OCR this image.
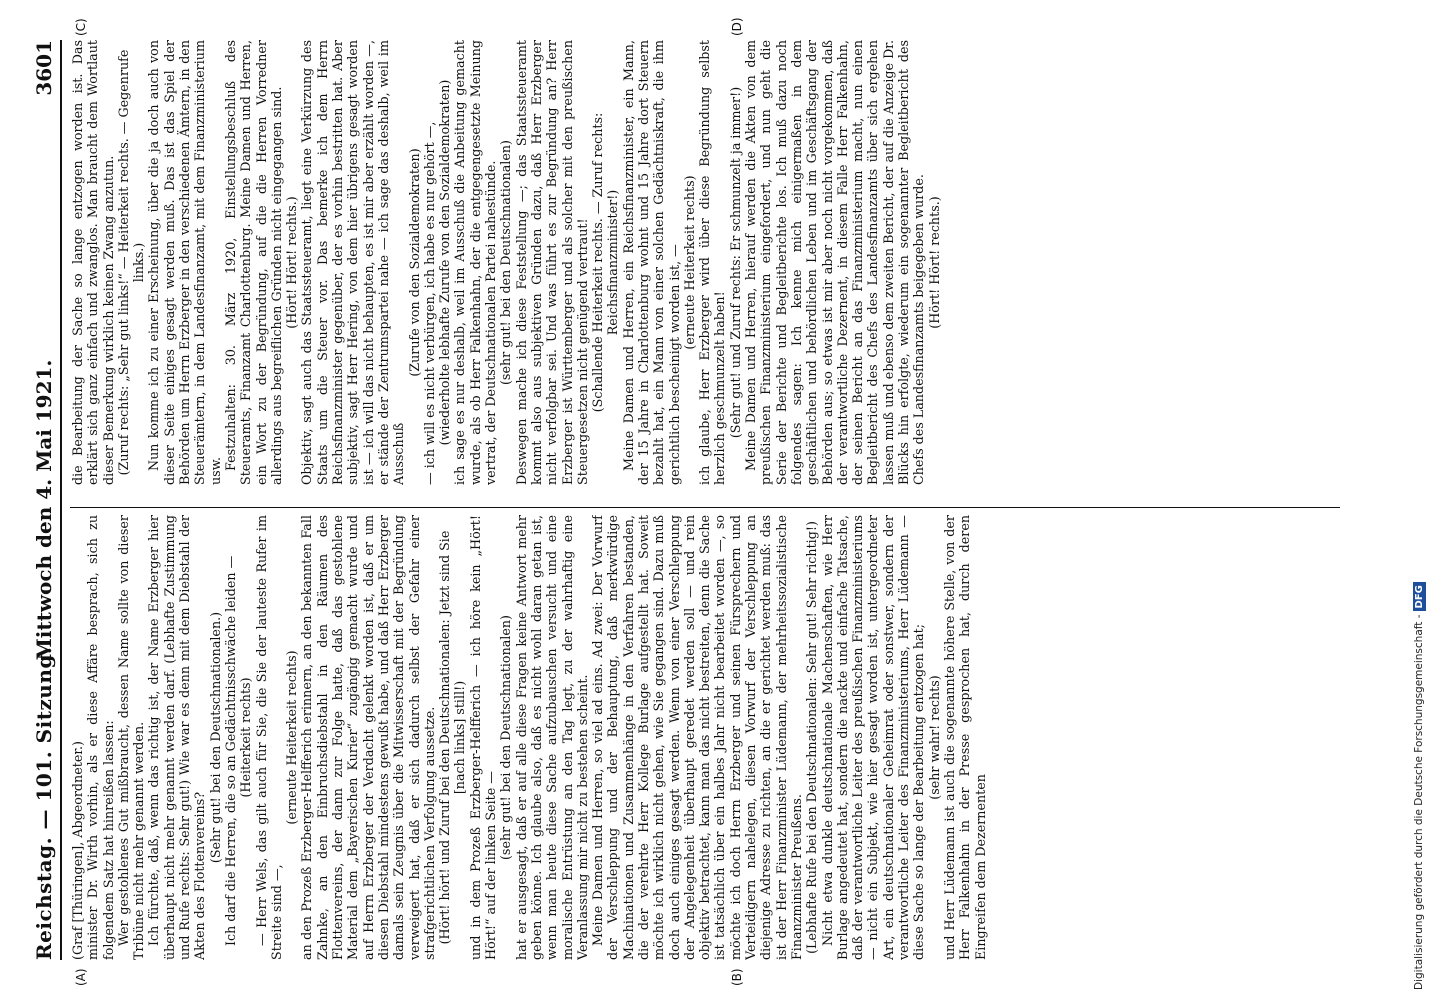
Reichstag. — 101. Sitzung.
Mittwoch den 4. Mai 1921.  3601

(Graf [Thüringen], Abgeordneter.) minister Dr. Wirth vorhin, als er diese Affäre besprach, sich zu folgendem Satz hat hinreißen lassen: Wer gestohlenes Gut mißbraucht, dessen Name sollte von dieser Tribüne nicht mehr genannt werden. Ich fürchte, daß, wenn das richtig ist, der Name Erzberger hier überhaupt nicht mehr genannt werden darf. (Lebhafte Zustimmung und Rufe rechts: Sehr gut!) Wie war es denn mit dem Diebstahl der Akten des Flottenvereins?

(Sehr gut! bei den Deutschnationalen.) Ich darf die Herren, die so an Gedächtnisschwäche leiden — (Heiterkeit rechts) — Herr Wels, das gilt auch für Sie, die Sie der lauteste Rufer im Streite sind —,

(erneute Heiterkeit rechts) an den Prozeß Erzberger-Helfferich erinnern, an den bekannten Fall Zahnke, an den Einbruchsdiebstahl in den Räumen des Flottenvereins, der dann zur Folge hatte, daß das gestohlene Material dem „Bayerischen Kurier“ zugängig gemacht wurde und auf Herrn Erzberger der Verdacht gelenkt worden ist, daß er um diesen Diebstahl mindestens gewußt habe, und daß Herr Erzberger damals sein Zeugnis über die Mitwisserschaft mit der Begründung verweigert hat, daß er sich dadurch selbst der Gefahr einer strafgerichtlichen Verfolgung aussetze. (Hört! hört! und Zuruf bei den Deutschnationalen: Jetzt sind Sie [nach links] still!) und in dem Prozeß Erzberger-Helfferich — ich höre kein „Hört! Hört!“ auf der linken Seite —

(sehr gut! bei den Deutschnationalen) hat er ausgesagt, daß er auf alle diese Fragen keine Antwort mehr geben könne. Ich glaube also, daß es nicht wohl daran getan ist, wenn man heute diese Sache aufzubauschen versucht und eine moralische Entrüstung an den Tag legt, zu der wahrhaftig eine Veranlassung mir nicht zu bestehen scheint. Meine Damen und Herren, so viel ad eins. Ad zwei: Der Vorwurf der Verschleppung und der Behauptung, daß merkwürdige Machinationen und Zusammenhänge in den Verfahren bestanden, die der verehrte Herr Kollege Burlage aufgestellt hat. Soweit möchte ich wirklich nicht gehen, wie Sie gegangen sind. Dazu muß doch auch einiges gesagt werden. Wenn von einer Verschleppung der Angelegenheit überhaupt geredet werden soll — und rein objektiv betrachtet, kann man das nicht bestreiten, denn die Sache ist tatsächlich über ein halbes Jahr nicht bearbeitet worden —, so möchte ich doch Herrn Erzberger und seinen Fürsprechern und Verteidigern nahelegen, diesen Vorwurf der Verschleppung an diejenige Adresse zu richten, an die er gerichtet werden muß: das ist der Herr Finanzminister Lüdemann, der mehrheitssozialistische Finanzminister Preußens. (Lebhafte Rufe bei den Deutschnationalen: Sehr gut! Sehr richtig!) Nicht etwa dunkle deutschnationale Machenschaften, wie Herr Burlage angedeutet hat, sondern die nackte und einfache Tatsache, daß der verantwortliche Leiter des preußischen Finanzministeriums — nicht ein Subjekt, wie hier gesagt worden ist, untergeordneter Art, ein deutschnationaler Geheimrat oder sonstwer, sondern der verantwortliche Leiter des Finanzministeriums, Herr Lüdemann — diese Sache so lange der Bearbeitung entzogen hat; (sehr wahr! rechts) und Herr Lüdemann ist auch die sogenannte höhere Stelle, von der Herr Falkenhahn in der Presse gesprochen hat, durch deren Eingreifen dem Dezernenten

die Bearbeitung der Sache so lange entzogen worden ist. Das erklärt sich ganz einfach und zwanglos. Man braucht dem Wortlaut dieser Bemerkung wirklich keinen Zwang anzutun. (Zuruf rechts: „Sehr gut links!“ — Heiterkeit rechts. — Gegenrufe links.) Nun komme ich zu einer Erscheinung, über die ja doch auch von dieser Seite einiges gesagt werden muß. Das ist das Spiel der Behörden um Herrn Erzberger in den verschiedenen Ämtern, in den Steuerämtern, in dem Landesfinanzamt, mit dem Finanzministerium usw. Festzuhalten: 30. März 1920, Einstellungsbeschluß des Steueramts, Finanzamt Charlottenburg. Meine Damen und Herren, ein Wort zu der Begründung, auf die die Herren Vorredner allerdings aus begreiflichen Gründen nicht eingegangen sind. (Hört! Hört! rechts.) Objektiv, sagt auch das Staatssteueramt, liegt eine Verkürzung des Staats um die Steuer vor. Das bemerke ich dem Herrn Reichsfinanzminister gegenüber, der es vorhin bestritten hat. Aber subjektiv, sagt Herr Hering, von dem hier übrigens gesagt worden ist — ich will das nicht behaupten, es ist mir aber erzählt worden —, er stände der Zentrumspartei nahe — ich sage das deshalb, weil im Ausschuß

(Zurufe von den Sozialdemokraten) — ich will es nicht verbürgen, ich habe es nur gehört —, (wiederholte lebhafte Zurufe von den Sozialdemokraten) ich sage es nur deshalb, weil im Ausschuß die Anbeitung gemacht wurde, als ob Herr Falkenhahn, der die entgegengesetzte Meinung vertrat, der Deutschnationalen Partei nahestünde. (sehr gut! bei den Deutschnationalen) Deswegen mache ich diese Feststellung —; das Staatssteueramt kommt also aus subjektiven Gründen dazu, daß Herr Erzberger nicht verfolgbar sei. Und was führt es zur Begründung an? Herr Erzberger ist Württemberger und als solcher mit den preußischen Steuergesetzen nicht genügend vertraut! (Schallende Heiterkeit rechts. — Zuruf rechts: Reichsfinanzminister!) Meine Damen und Herren, ein Reichsfinanzminister, ein Mann, der 15 Jahre in Charlottenburg wohnt und 15 Jahre dort Steuern bezahlt hat, ein Mann von einer solchen Gedächtniskraft, die ihm gerichtlich bescheinigt worden ist, — (erneute Heiterkeit rechts) ich glaube, Herr Erzberger wird über diese Begründung selbst herzlich geschmunzelt haben! (Sehr gut! und Zuruf rechts: Er schmunzelt ja immer!) Meine Damen und Herren, hierauf werden die Akten von dem preußischen Finanzministerium eingefordert, und nun geht die Serie der Berichte und Begleitberichte los. Ich muß dazu noch folgendes sagen: Ich kenne mich einigermaßen in dem geschäftlichen und behördlichen Leben und im Geschäftsgang der Behörden aus; so etwas ist mir aber noch nicht vorgekommen, daß der verantwortliche Dezernent, in diesem Falle Herr Falkenhahn, der seinen Bericht an das Finanzministerium macht, nun einen Begleitbericht des Chefs des Landesfinanzamts über sich ergehen lassen muß und ebenso dem zweiten Bericht, der auf die Anzeige Dr. Blücks hin erfolgte, wiederum ein sogenannter Begleitbericht des Chefs des Landesfinanzamts beigegeben wurde. (Hört! Hört! rechts.)

(A)	(B)
(C)	(D)
Digitalisierung gefördert durch die Deutsche Forschungsgemeinschaft -
DFG
